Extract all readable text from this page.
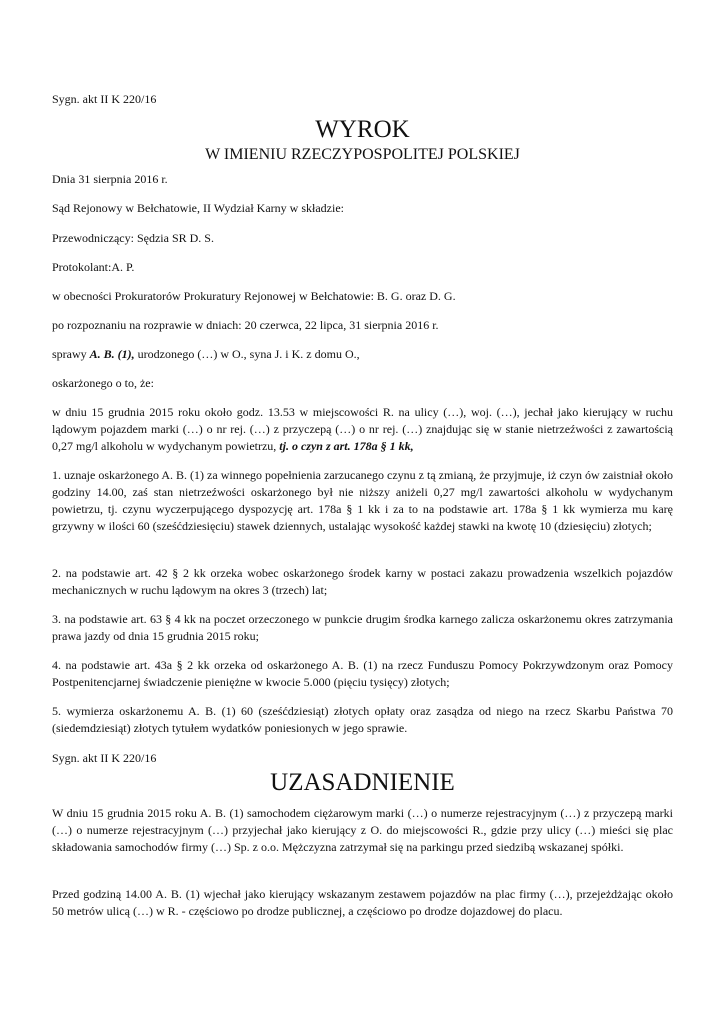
Sygn. akt II K 220/16
WYROK
W IMIENIU RZECZYPOSPOLITEJ POLSKIEJ
Dnia 31 sierpnia 2016 r.
Sąd Rejonowy w Bełchatowie, II Wydział Karny w składzie:
Przewodniczący: Sędzia SR D. S.
Protokolant:A. P.
w obecności Prokuratorów Prokuratury Rejonowej w Bełchatowie: B. G. oraz D. G.
po rozpoznaniu na rozprawie w dniach: 20 czerwca, 22 lipca, 31 sierpnia 2016 r.
sprawy A. B. (1), urodzonego (…) w O., syna J. i K. z domu O.,
oskarżonego o to, że:

w dniu 15 grudnia 2015 roku około godz. 13.53 w miejscowości R. na ulicy (…), woj. (…), jechał jako kierujący w ruchu lądowym pojazdem marki (…) o nr rej. (…) z przyczepą (…) o nr rej. (…) znajdując się w stanie nietrzeźwości z zawartością 0,27 mg/l alkoholu w wydychanym powietrzu, tj. o czyn z art. 178a § 1 kk,

1. uznaje oskarżonego A. B. (1) za winnego popełnienia zarzucanego czynu z tą zmianą, że przyjmuje, iż czyn ów zaistniał około godziny 14.00, zaś stan nietrzeźwości oskarżonego był nie niższy aniżeli 0,27 mg/l zawartości alkoholu w wydychanym powietrzu, tj. czynu wyczerpującego dyspozycję art. 178a § 1 kk i za to na podstawie art. 178a § 1 kk wymierza mu karę grzywny w ilości 60 (sześćdziesięciu) stawek dziennych, ustalając wysokość każdej stawki na kwotę 10 (dziesięciu) złotych;

2. na podstawie art. 42 § 2 kk orzeka wobec oskarżonego środek karny w postaci zakazu prowadzenia wszelkich pojazdów mechanicznych w ruchu lądowym na okres 3 (trzech) lat;

3. na podstawie art. 63 § 4 kk na poczet orzeczonego w punkcie drugim środka karnego zalicza oskarżonemu okres zatrzymania prawa jazdy od dnia 15 grudnia 2015 roku;

4. na podstawie art. 43a § 2 kk orzeka od oskarżonego A. B. (1) na rzecz Funduszu Pomocy Pokrzywdzonym oraz Pomocy Postpenitencjarnej świadczenie pieniężne w kwocie 5.000 (pięciu tysięcy) złotych;

5. wymierza oskarżonemu A. B. (1) 60 (sześćdziesiąt) złotych opłaty oraz zasądza od niego na rzecz Skarbu Państwa 70 (siedemdziesiąt) złotych tytułem wydatków poniesionych w jego sprawie.

Sygn. akt II K 220/16
UZASADNIENIE

W dniu 15 grudnia 2015 roku A. B. (1) samochodem ciężarowym marki (…) o numerze rejestracyjnym (…) z przyczepą marki (…) o numerze rejestracyjnym (…) przyjechał jako kierujący z O. do miejscowości R., gdzie przy ulicy (…) mieści się plac składowania samochodów firmy (…) Sp. z o.o. Mężczyzna zatrzymał się na parkingu przed siedzibą wskazanej spółki.

Przed godziną 14.00 A. B. (1) wjechał jako kierujący wskazanym zestawem pojazdów na plac firmy (…), przejeżdżając około 50 metrów ulicą (…) w R. - częściowo po drodze publicznej, a częściowo po drodze dojazdowej do placu.
